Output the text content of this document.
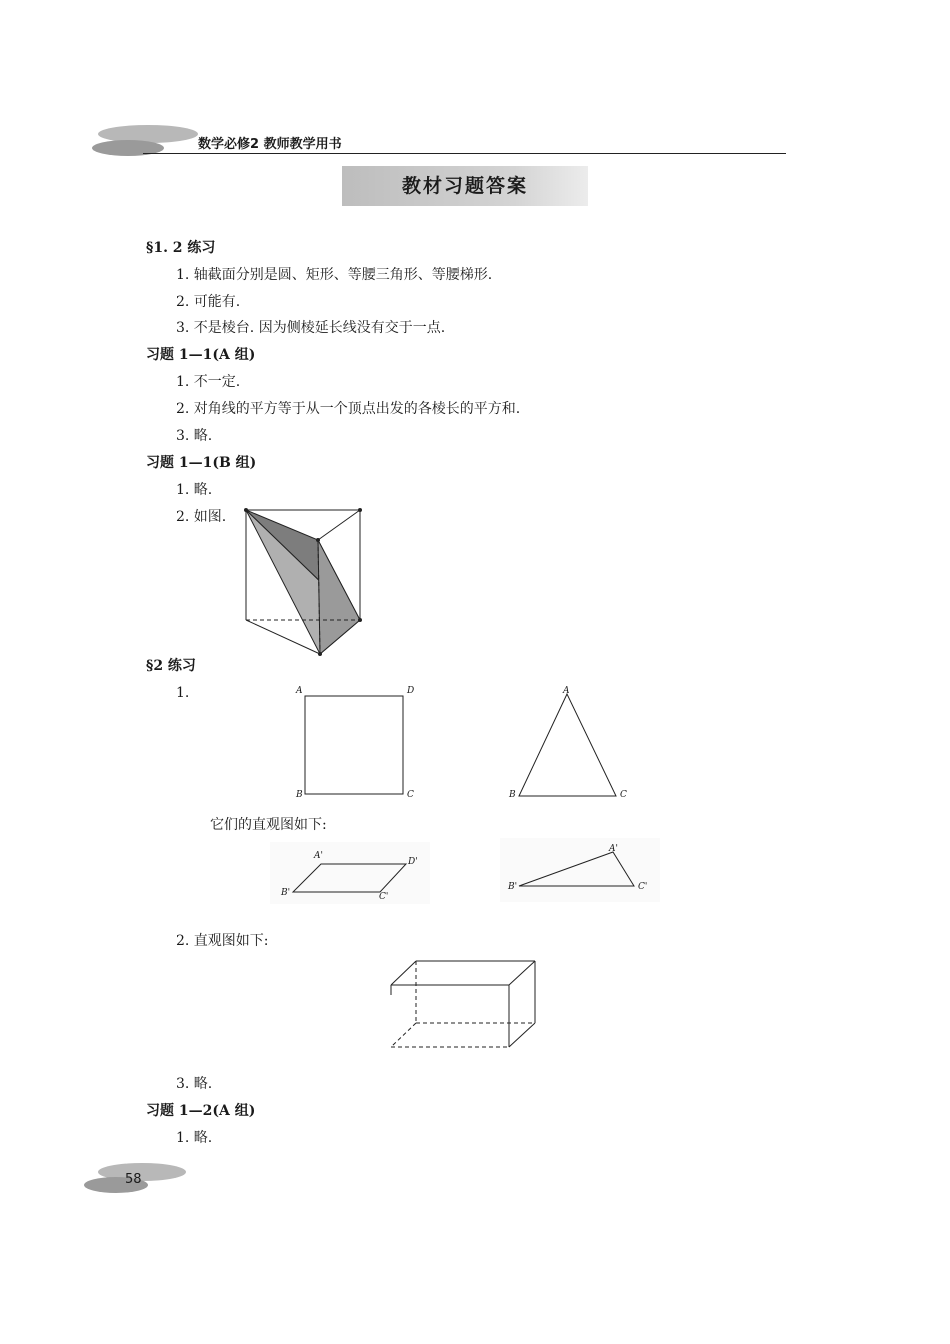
数学必修2 教师教学用书
教材习题答案
§1. 2 练习
1. 轴截面分别是圆、矩形、等腰三角形、等腰梯形.
2. 可能有.
3. 不是棱台. 因为侧棱延长线没有交于一点.
习题 1—1(A 组)
1. 不一定.
2. 对角线的平方等于从一个顶点出发的各棱长的平方和.
3. 略.
习题 1—1(B 组)
1. 略.
2. 如图.
§2 练习
1.	A	D
B	C
A
B	C
它们的直观图如下:
A'
D'
B'	C'
A'
B'	C'
2. 直观图如下:
3. 略.
习题 1—2(A 组)
1. 略.
58
